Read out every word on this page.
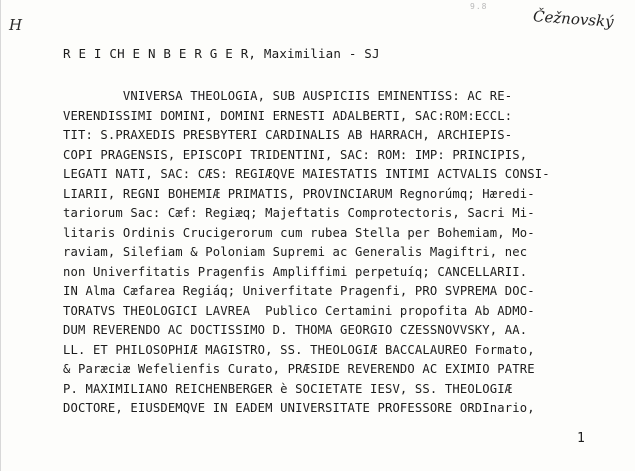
H
9.8
Čežnovský
R E I CH E N B E R G E R, Maximilian - SJ
VNIVERSA THEOLOGIA, SUB AUSPICIIS EMINENTISS: AC RE-
VERENDISSIMI DOMINI, DOMINI ERNESTI ADALBERTI, SAC:ROM:ECCL:
TIT: S.PRAXEDIS PRESBYTERI CARDINALIS AB HARRACH, ARCHIEPIS-
COPI PRAGENSIS, EPISCOPI TRIDENTINI, SAC: ROM: IMP: PRINCIPIS,
LEGATI NATI, SAC: CÆS: REGIÆQVE MAIESTATIS INTIMI ACTVALIS CONSI-
LIARII, REGNI BOHEMIÆ PRIMATIS, PROVINCIARUM Regnorúmq; Hæredi-
tariorum Sac: Cæf: Regiæq; Majeftatis Comprotectoris, Sacri Mi-
litaris Ordinis Crucigerorum cum rubea Stella per Bohemiam, Mo-
raviam, Silefiam & Poloniam Supremi ac Generalis Magiftri, nec
non Univerfitatis Pragenfis Ampliffimi perpetuíq; CANCELLARII.
IN Alma Cæfarea Regiáq; Univerfitate Pragenfi, PRO SVPREMA DOC-
TORATVS THEOLOGICI LAVREA  Publico Certamini propofita Ab ADMO-
DUM REVERENDO AC DOCTISSIMO D. THOMA GEORGIO CZESSNOVVSKY, AA.
LL. ET PHILOSOPHIÆ MAGISTRO, SS. THEOLOGIÆ BACCALAUREO Formato,
& Paræciæ Wefelienfis Curato, PRÆSIDE REVERENDO AC EXIMIO PATRE
P. MAXIMILIANO REICHENBERGER è SOCIETATE IESV, SS. THEOLOGIÆ
DOCTORE, EIUSDEMQVE IN EADEM UNIVERSITATE PROFESSORE ORDInario,
1
